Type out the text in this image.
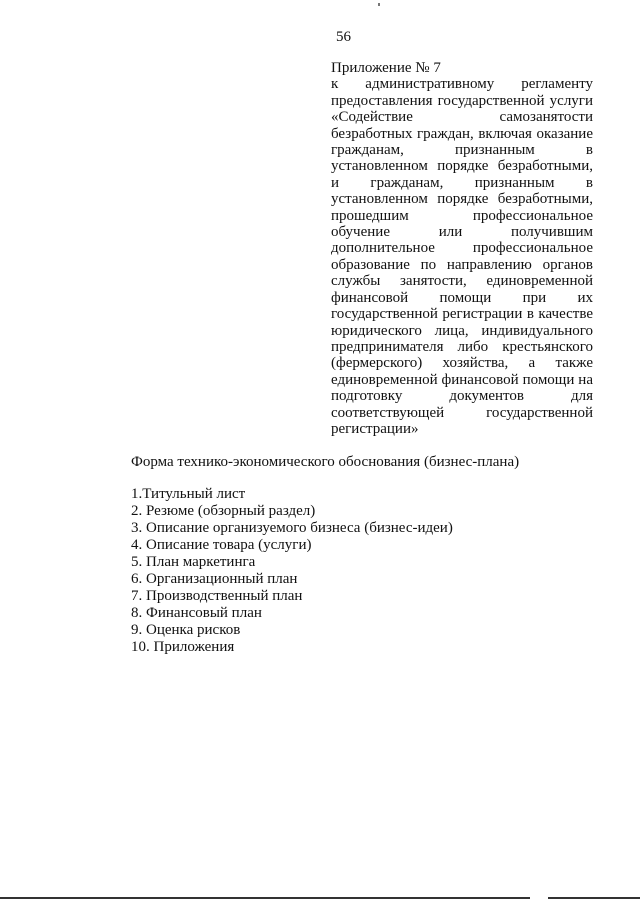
56
Приложение № 7
к административному регламенту предоставления государственной услуги «Содействие самозанятости безработных граждан, включая оказание гражданам, признанным в установленном порядке безработными, и гражданам, признанным в установленном порядке безработными, прошедшим профессиональное обучение или получившим дополнительное профессиональное образование по направлению органов службы занятости, единовременной финансовой помощи при их государственной регистрации в качестве юридического лица, индивидуального предпринимателя либо крестьянского (фермерского) хозяйства, а также единовременной финансовой помощи на подготовку документов для соответствующей государственной регистрации»
Форма технико-экономического обоснования (бизнес-плана)
1.Титульный лист
2. Резюме (обзорный раздел)
3. Описание организуемого бизнеса (бизнес-идеи)
4. Описание товара (услуги)
5. План маркетинга
6. Организационный план
7. Производственный план
8. Финансовый план
9. Оценка рисков
10. Приложения
